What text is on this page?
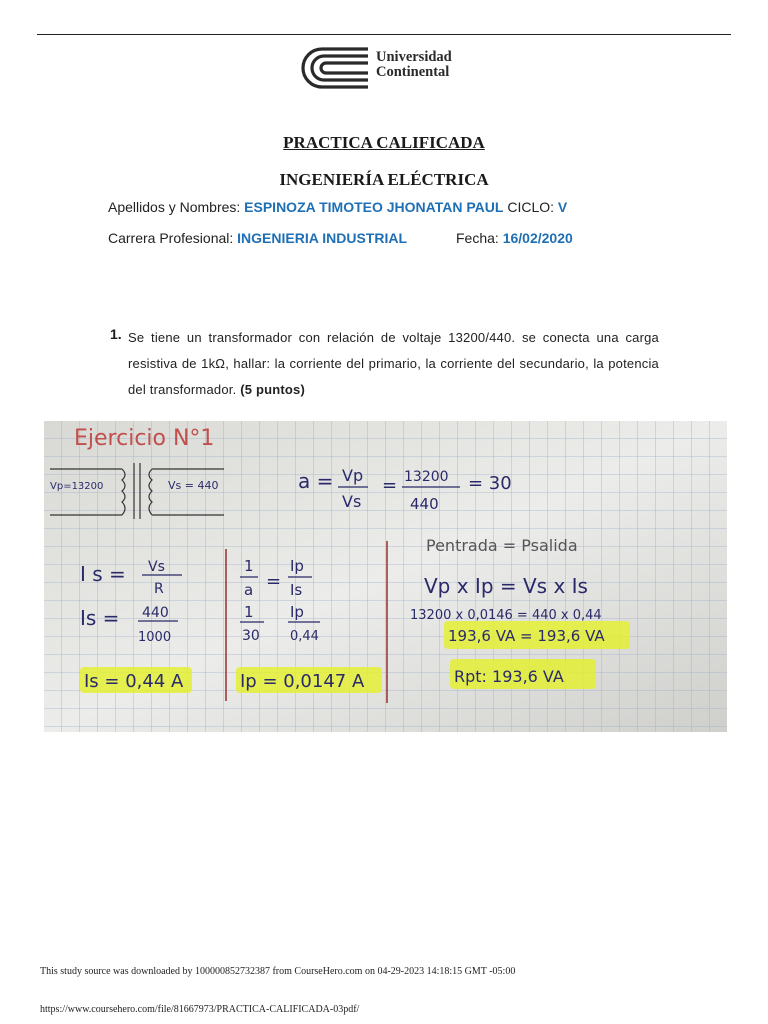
Universidad
Continental
PRACTICA CALIFICADA
INGENIERÍA ELÉCTRICA
Apellidos y Nombres: ESPINOZA TIMOTEO JHONATAN PAUL CICLO: V
Carrera Profesional: INGENIERIA INDUSTRIAL	Fecha: 16/02/2020
1. Se tiene un transformador con relación de voltaje 13200/440. se conecta una carga resistiva de 1kΩ, hallar: la corriente del primario, la corriente del secundario, la potencia del transformador. (5 puntos)
Ejercicio N°1
Vp=13200	Vs = 440	a = Vp
Vs
= 13200
440
= 30
I s = Vs
R
Is = 440
1000
Is = 0,44 A
1
a =
Ip
Is
1
30
Ip
0,44
Ip = 0,0147 A
Pentrada = Psalida
Vp x Ip = Vs x Is
13200 x 0,0146 = 440 x 0,44
193,6 VA = 193,6 VA
Rpt: 193,6 VA
This study source was downloaded by 100000852732387 from CourseHero.com on 04-29-2023 14:18:15 GMT -05:00
https://www.coursehero.com/file/81667973/PRACTICA-CALIFICADA-03pdf/
